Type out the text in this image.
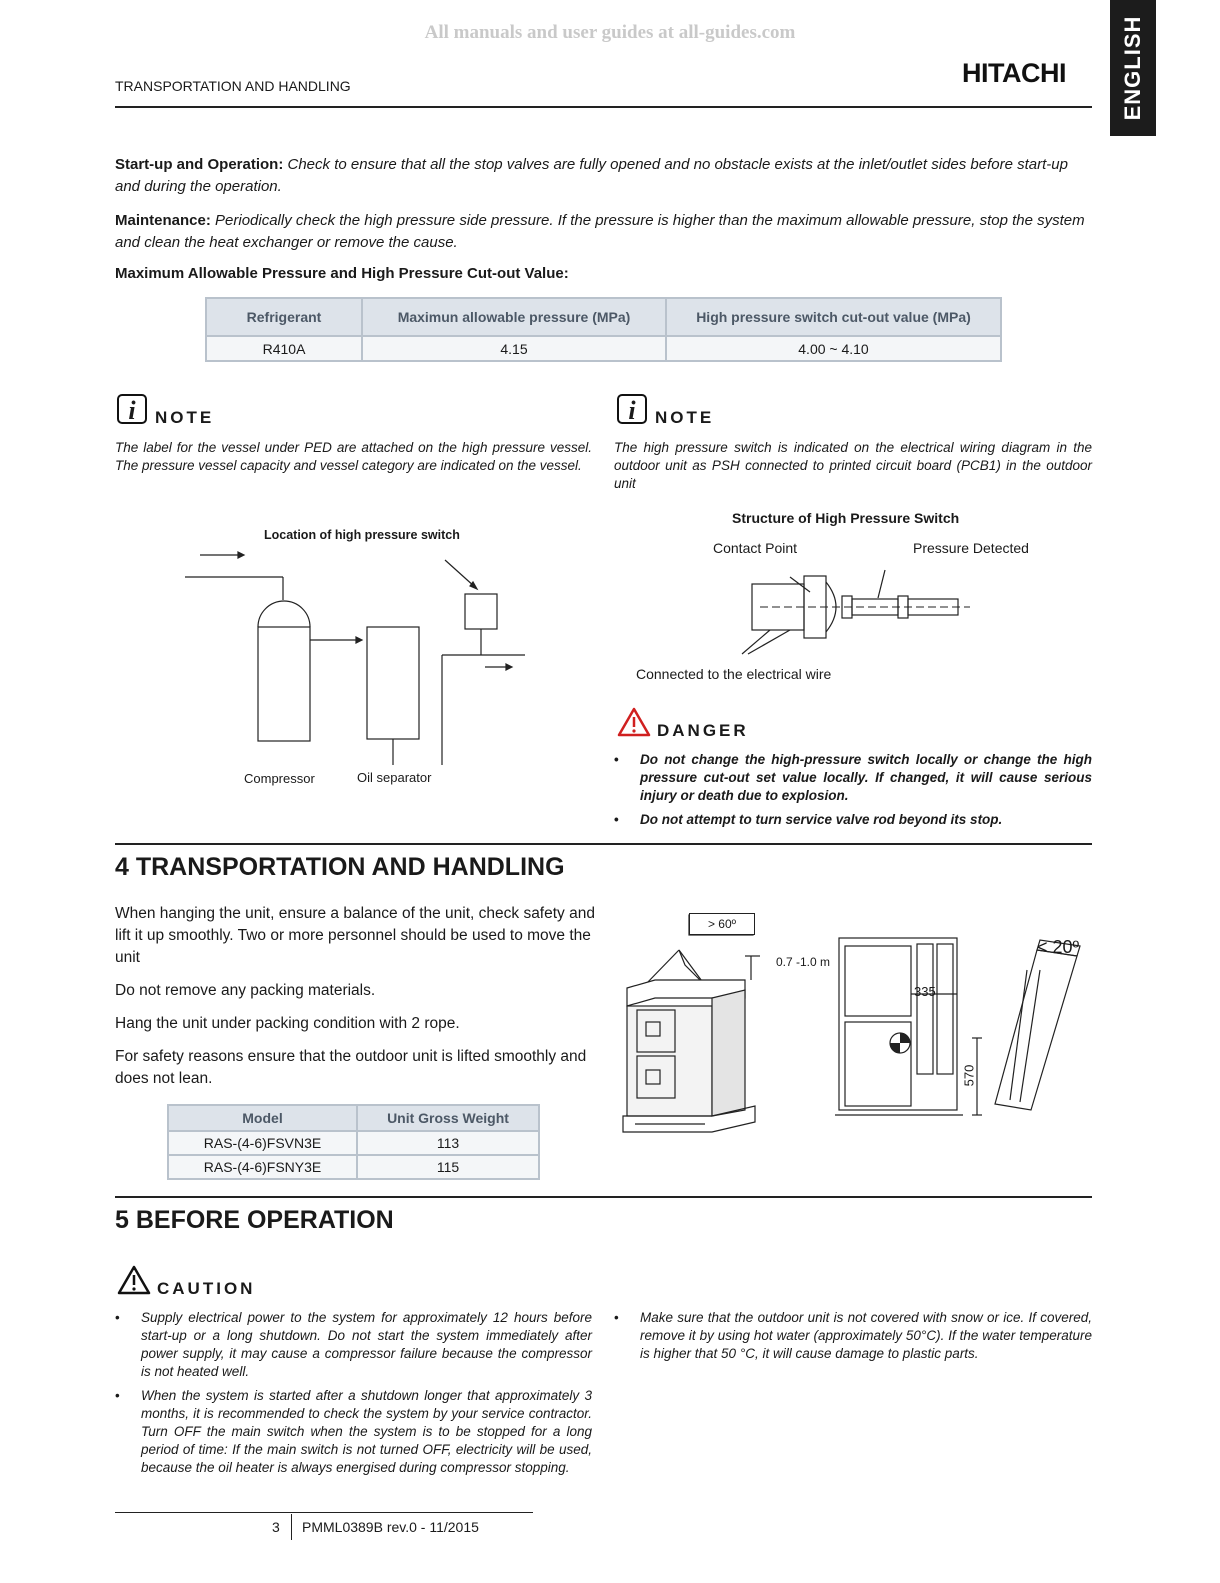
All manuals and user guides at all-guides.com
TRANSPORTATION AND HANDLING	HITACHI	ENGLISH
Start-up and Operation: Check to ensure that all the stop valves are fully opened and no obstacle exists at the inlet/outlet sides before start-up and during the operation.
Maintenance: Periodically check the high pressure side pressure. If the pressure is higher than the maximum allowable pressure, stop the system and clean the heat exchanger or remove the cause.
Maximum Allowable Pressure and High Pressure Cut-out Value:
Refrigerant	Maximun allowable pressure (MPa)	High pressure switch cut-out value (MPa)
R410A	4.15	4.00 ~ 4.10
i	NOTE
The label for the vessel under PED are attached on the high pressure vessel. The pressure vessel capacity and vessel category are indicated on the vessel.
i	NOTE
The high pressure switch is indicated on the electrical wiring diagram in the outdoor unit as PSH connected to printed circuit board (PCB1) in the outdoor unit
Location of high pressure switch
Compressor	Oil separator
Structure of High Pressure Switch
Contact Point	Pressure Detected
Connected to the electrical wire
DANGER
• Do not change the high-pressure switch locally or change the high pressure cut-out set value locally. If changed, it will cause serious injury or death due to explosion.
• Do not attempt to turn service valve rod beyond its stop.
4 TRANSPORTATION AND HANDLING
When hanging the unit, ensure a balance of the unit, check safety and lift it up smoothly. Two or more personnel should be used to move the unit
Do not remove any packing materials.
Hang the unit under packing condition with 2 rope.
For safety reasons ensure that the outdoor unit is lifted smoothly and does not lean.
Model	Unit Gross Weight
RAS-(4-6)FSVN3E	113
RAS-(4-6)FSNY3E	115
> 60º
0.7 -1.0 m
335
570
< 20º
5 BEFORE OPERATION
CAUTION
• Supply electrical power to the system for approximately 12 hours before start-up or a long shutdown. Do not start the system immediately after power supply, it may cause a compressor failure because the compressor is not heated well.
• When the system is started after a shutdown longer that approximately 3 months, it is recommended to check the system by your service contractor. Turn OFF the main switch when the system is to be stopped for a long period of time: If the main switch is not turned OFF, electricity will be used, because the oil heater is always energised during compressor stopping.
• Make sure that the outdoor unit is not covered with snow or ice. If covered, remove it by using hot water (approximately 50°C). If the water temperature is higher that 50 °C, it will cause damage to plastic parts.
3 PMML0389B rev.0 - 11/2015
